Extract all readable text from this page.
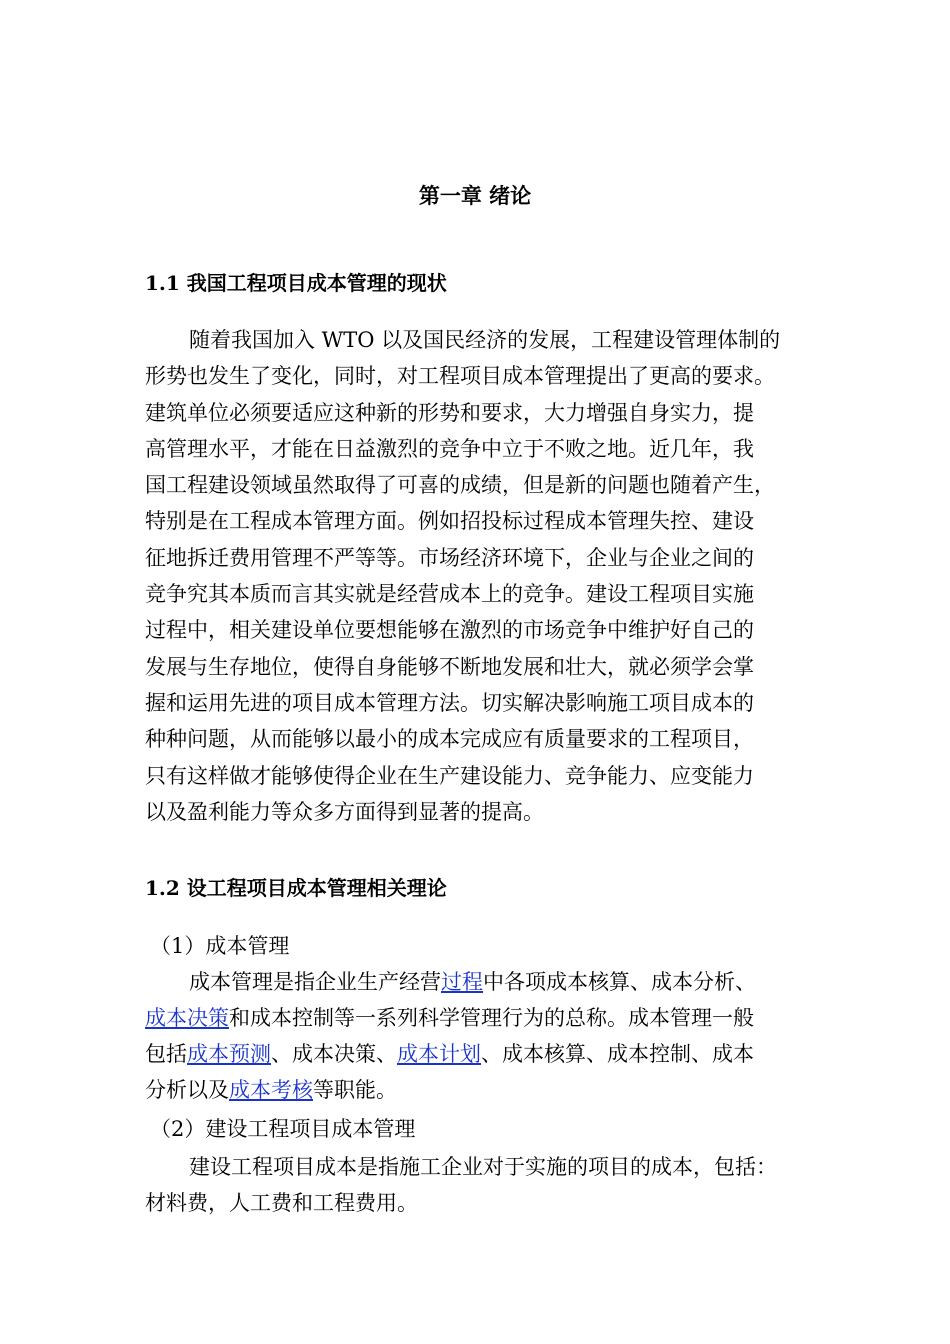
第一章 绪论
1.1 我国工程项目成本管理的现状
随着我国加入 WTO 以及国民经济的发展，工程建设管理体制的
形势也发生了变化，同时，对工程项目成本管理提出了更高的要求。
建筑单位必须要适应这种新的形势和要求，大力增强自身实力，提
高管理水平，才能在日益激烈的竞争中立于不败之地。近几年，我
国工程建设领域虽然取得了可喜的成绩，但是新的问题也随着产生，
特别是在工程成本管理方面。例如招投标过程成本管理失控、建设
征地拆迁费用管理不严等等。市场经济环境下，企业与企业之间的
竞争究其本质而言其实就是经营成本上的竞争。建设工程项目实施
过程中，相关建设单位要想能够在激烈的市场竞争中维护好自己的
发展与生存地位，使得自身能够不断地发展和壮大，就必须学会掌
握和运用先进的项目成本管理方法。切实解决影响施工项目成本的
种种问题，从而能够以最小的成本完成应有质量要求的工程项目，
只有这样做才能够使得企业在生产建设能力、竞争能力、应变能力
以及盈利能力等众多方面得到显著的提高。
1.2 设工程项目成本管理相关理论
（1）成本管理
成本管理是指企业生产经营过程中各项成本核算、成本分析、
成本决策和成本控制等一系列科学管理行为的总称。成本管理一般
包括成本预测、成本决策、成本计划、成本核算、成本控制、成本
分析以及成本考核等职能。
（2）建设工程项目成本管理
建设工程项目成本是指施工企业对于实施的项目的成本，包括：
材料费，人工费和工程费用。
